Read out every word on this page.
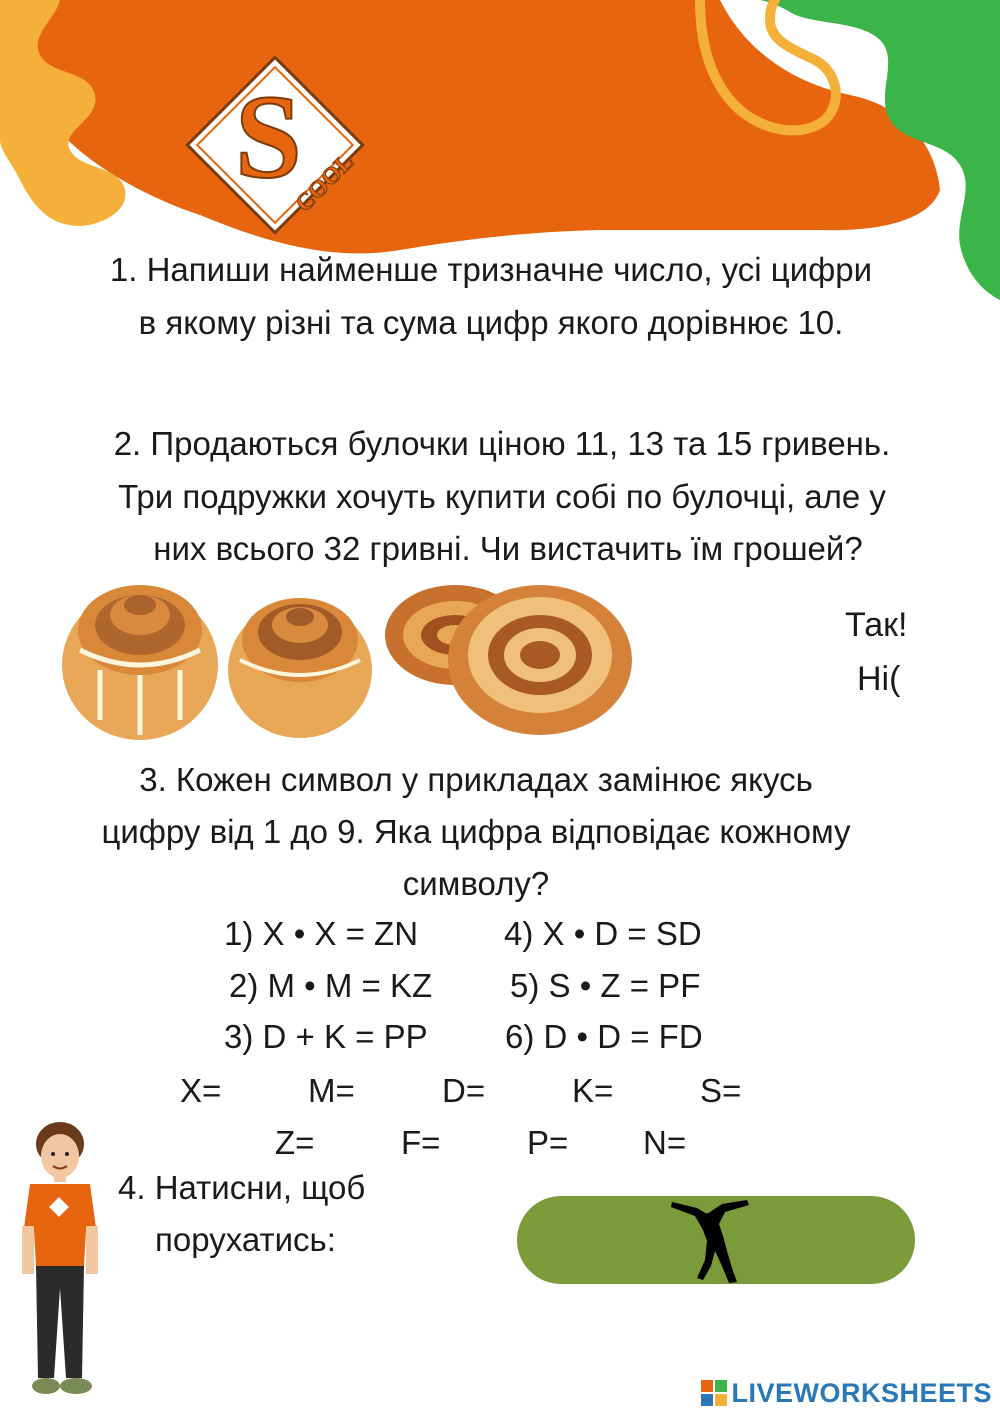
S
COOL
1. Напиши найменше тризначне число, усі цифри
в якому різні та сума цифр якого дорівнює 10.
2. Продаються булочки ціною 11, 13 та 15 гривень.
Три подружки хочуть купити собі по булочці, але у
них всього 32 гривні. Чи вистачить їм грошей?
Так!
Ні(
3. Кожен символ у прикладах замінює якусь
цифру від 1 до 9. Яка цифра відповідає кожному
символу?
1) X • X = ZN	4) X • D = SD
2) M • M = KZ 5) S • Z = PF
3) D + K = PP 6) D • D = FD
X=	M=	D=	K=	S=
Z=	F=	P= N=
4. Натисни, щоб
порухатись:
LIVEWORKSHEETS
